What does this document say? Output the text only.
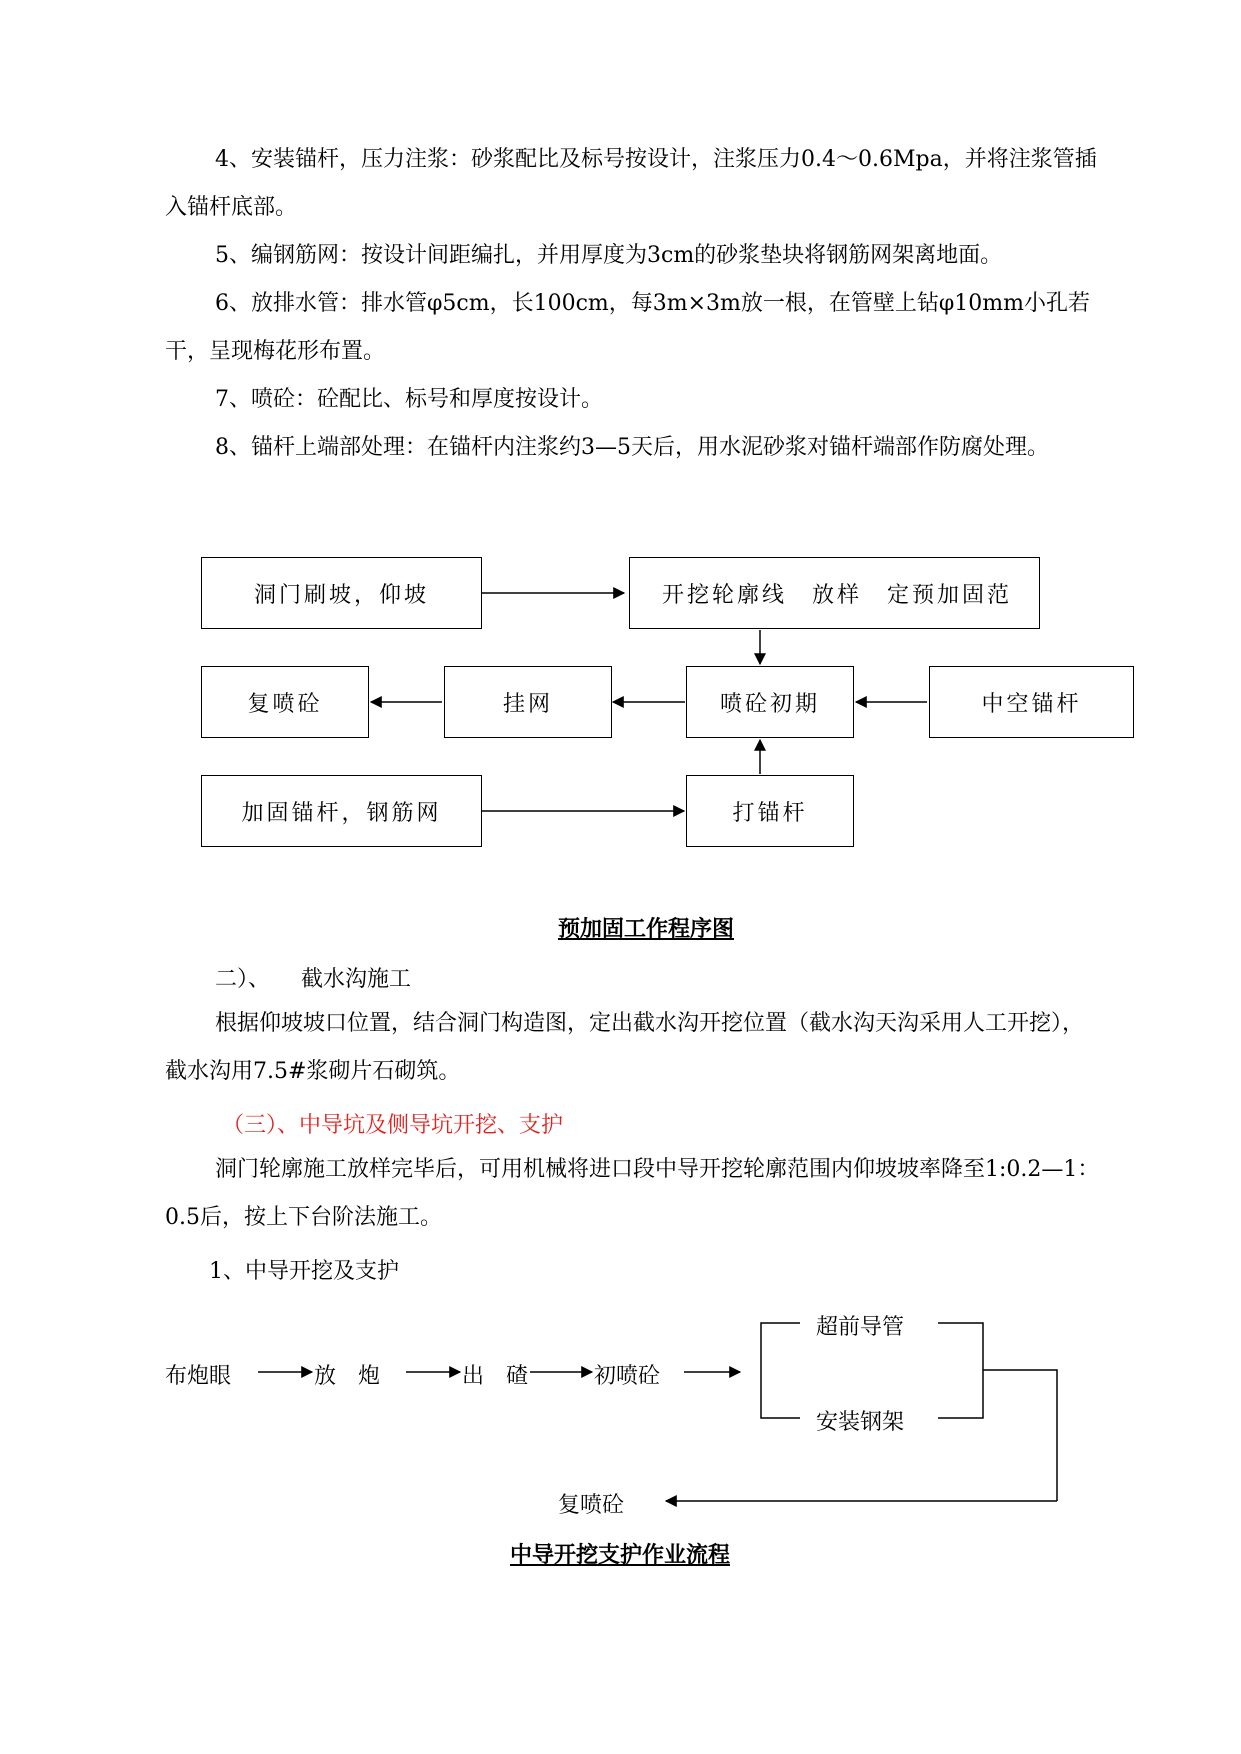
4、安装锚杆，压力注浆：砂浆配比及标号按设计，注浆压力0.4～0.6Mpa，并将注浆管插入锚杆底部。

5、编钢筋网：按设计间距编扎，并用厚度为3cm的砂浆垫块将钢筋网架离地面。

6、放排水管：排水管φ5cm，长100cm，每3m×3m放一根，在管壁上钻φ10mm小孔若干，呈现梅花形布置。

7、喷砼：砼配比、标号和厚度按设计。

8、锚杆上端部处理：在锚杆内注浆约3—5天后，用水泥砂浆对锚杆端部作防腐处理。

洞门刷坡，仰坡	开挖轮廓线　放样　定预加固范
复喷砼	挂网	喷砼初期	中空锚杆
加固锚杆，钢筋网	打锚杆

预加固工作程序图

二）、 截水沟施工

根据仰坡坡口位置，结合洞门构造图，定出截水沟开挖位置（截水沟天沟采用人工开挖），截水沟用7.5#浆砌片石砌筑。

（三）、中导坑及侧导坑开挖、支护

洞门轮廓施工放样完毕后，可用机械将进口段中导开挖轮廓范围内仰坡坡率降至1:0.2—1：0.5后，按上下台阶法施工。

1、中导开挖及支护
布炮眼	放　炮	出　碴	初喷砼
超前导管
安装钢架
复喷砼

中导开挖支护作业流程
